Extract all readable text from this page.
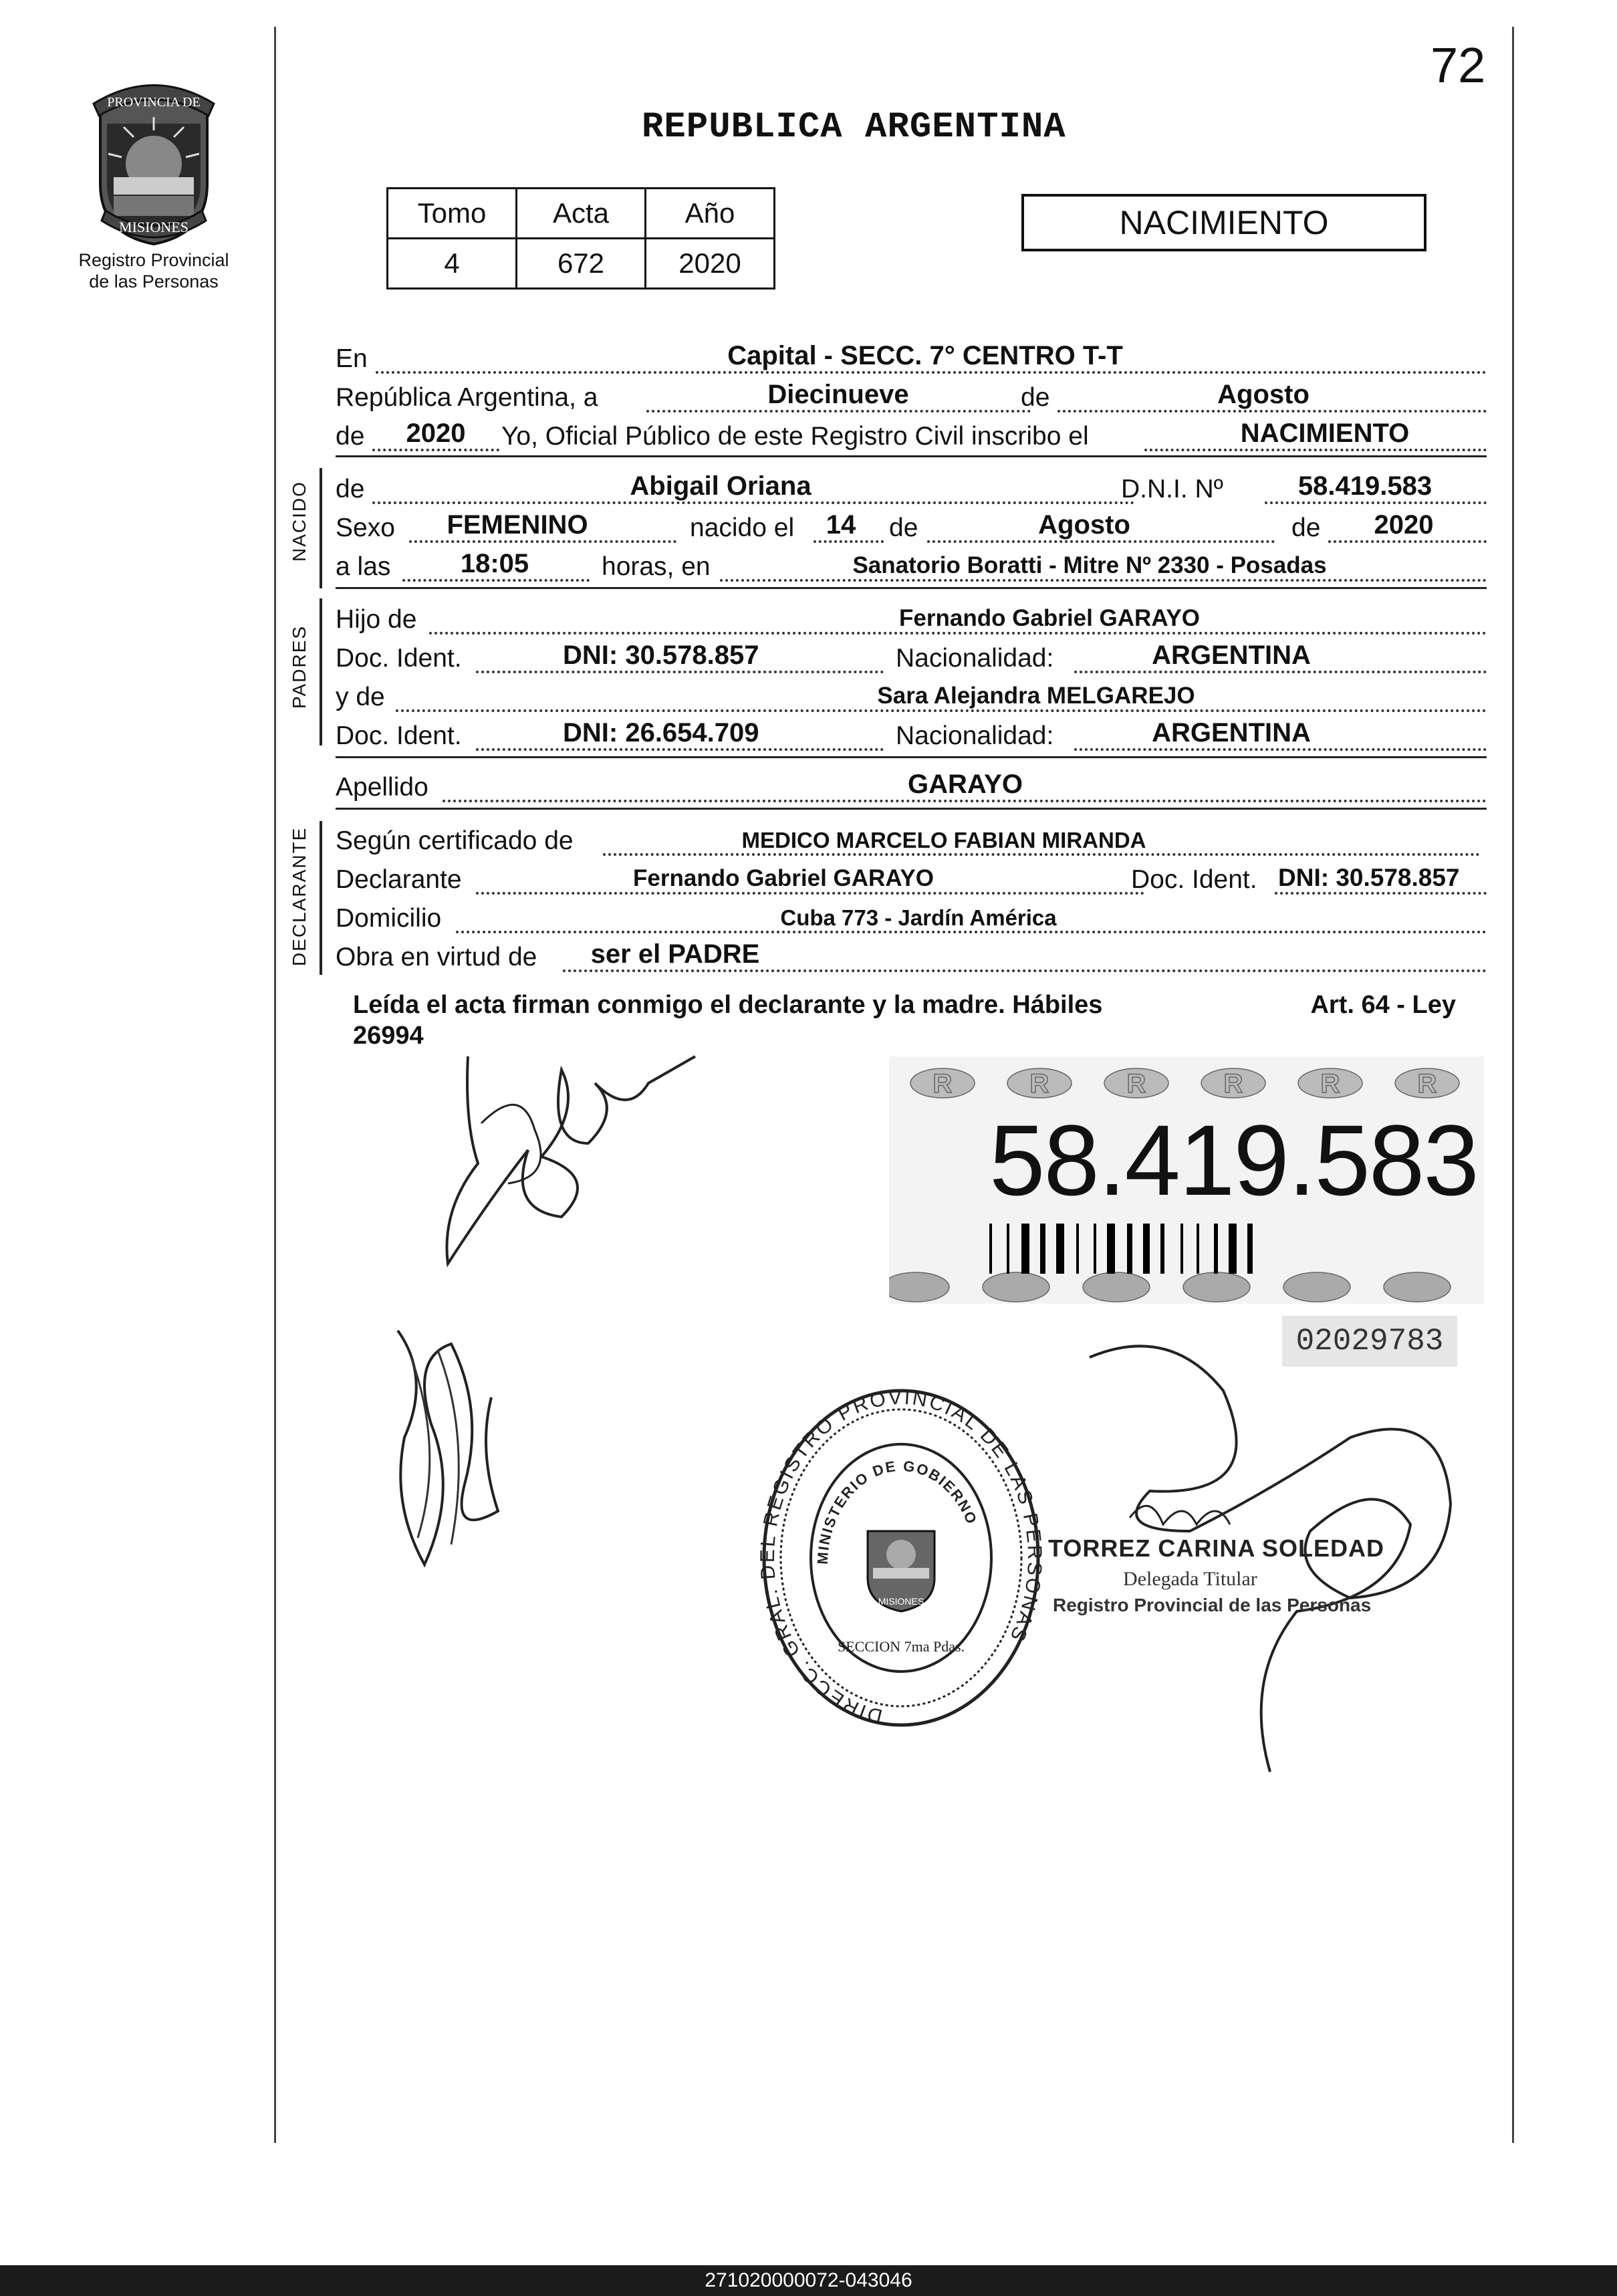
72
PROVINCIA DE
MISIONES
Registro Provincial
de las Personas
REPUBLICA ARGENTINA
Tomo	Acta	Año
4	672	2020
NACIMIENTO
En	Capital - SECC. 7° CENTRO T-T
República Argentina, a	Diecinueve	de	Agosto
de 2020 Yo, Oficial Público de este Registro Civil inscribo el	NACIMIENTO
NACIDO de	Abigail Oriana	D.N.I. Nº	58.419.583
Sexo FEMENINO	nacido el 14 de	Agosto	de 2020
a las	18:05	horas, en	Sanatorio Boratti - Mitre Nº 2330 - Posadas
PADRES
Hijo de	Fernando Gabriel GARAYO
Doc. Ident.	DNI: 30.578.857	Nacionalidad:	ARGENTINA
y de	Sara Alejandra MELGAREJO
Doc. Ident.	DNI: 26.654.709	Nacionalidad:	ARGENTINA
Apellido	GARAYO
DECLARANTE Según certificado de	MEDICO MARCELO FABIAN MIRANDA
Declarante	Fernando Gabriel GARAYO	Doc. Ident. DNI: 30.578.857
Domicilio	Cuba 773 - Jardín América
Obra en virtud de ser el PADRE
Leída el acta firman conmigo el declarante y la madre. Hábiles	Art. 64 - Ley
26994
R	R	R	R	R	R
58.419.583
02029783
DIRECC. GRAL. DEL REGISTRO PROVINCIAL DE LAS PERSONAS
MINISTERIO DE GOBIERNO
MISIONES
SECCION 7ma Pdas.
TORREZ CARINA SOLEDAD
Delegada Titular
Registro Provincial de las Personas
271020000072-043046
